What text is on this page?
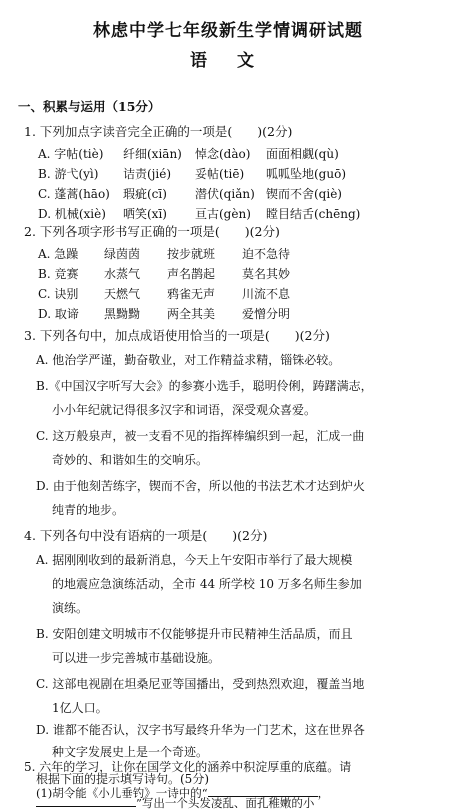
林虑中学七年级新生学情调研试题
语 文
一、积累与运用（15分）
1. 下列加点字读音完全正确的一项是(　　)(2分)
A. 字帖(tiè) 纤细(xiān) 悼念(dào) 面面相觑(qù)
B. 游弋(yì) 诘责(jié) 妥帖(tiē) 呱呱坠地(guō)
C. 蓬蒿(hāo) 瑕疵(cī) 潜伏(qiǎn) 锲而不舍(qiè)
D. 机械(xiè) 哂笑(xī) 亘古(gèn) 瞠目结舌(chēng)
2. 下列各项字形书写正确的一项是(　　)(2分)
A. 急躁 绿茵茵 按步就班 迫不急待
B. 竞赛 水蒸气 声名鹊起 莫名其妙
C. 诀别 天燃气 鸦雀无声 川流不息
D. 取谛 黑黝黝 两全其美 爱憎分明
3. 下列各句中，加点成语使用恰当的一项是(　　)(2分)
A. 他治学严谨，勤奋敬业，对工作精益求精，锱铢必较。
B.《中国汉字听写大会》的参赛小选手，聪明伶俐，踌躇满志，
小小年纪就记得很多汉字和词语，深受观众喜爱。
C. 这万般泉声，被一支看不见的指挥棒编织到一起，汇成一曲
奇妙的、和谐如生的交响乐。
D. 由于他刻苦练字，锲而不舍，所以他的书法艺术才达到炉火
纯青的地步。
4. 下列各句中没有语病的一项是(　　)(2分)
A. 据刚刚收到的最新消息，今天上午安阳市举行了最大规模
的地震应急演练活动，全市 44 所学校 10 万多名师生参加
演练。
B. 安阳创建文明城市不仅能够提升市民精神生活品质，而且
可以进一步完善城市基础设施。
C. 这部电视剧在坦桑尼亚等国播出，受到热烈欢迎，覆盖当地
1亿人口。
D. 谁都不能否认，汉字书写最终升华为一门艺术，这在世界各
种文字发展史上是一个奇迹。
5. 六年的学习，让你在国学文化的涵养中积淀厚重的底蕴。请
根据下面的提示填写诗句。(5分)
(1)胡令能《小儿垂钓》一诗中的“	，
”写出一个头发凌乱、面孔稚嫩的小
